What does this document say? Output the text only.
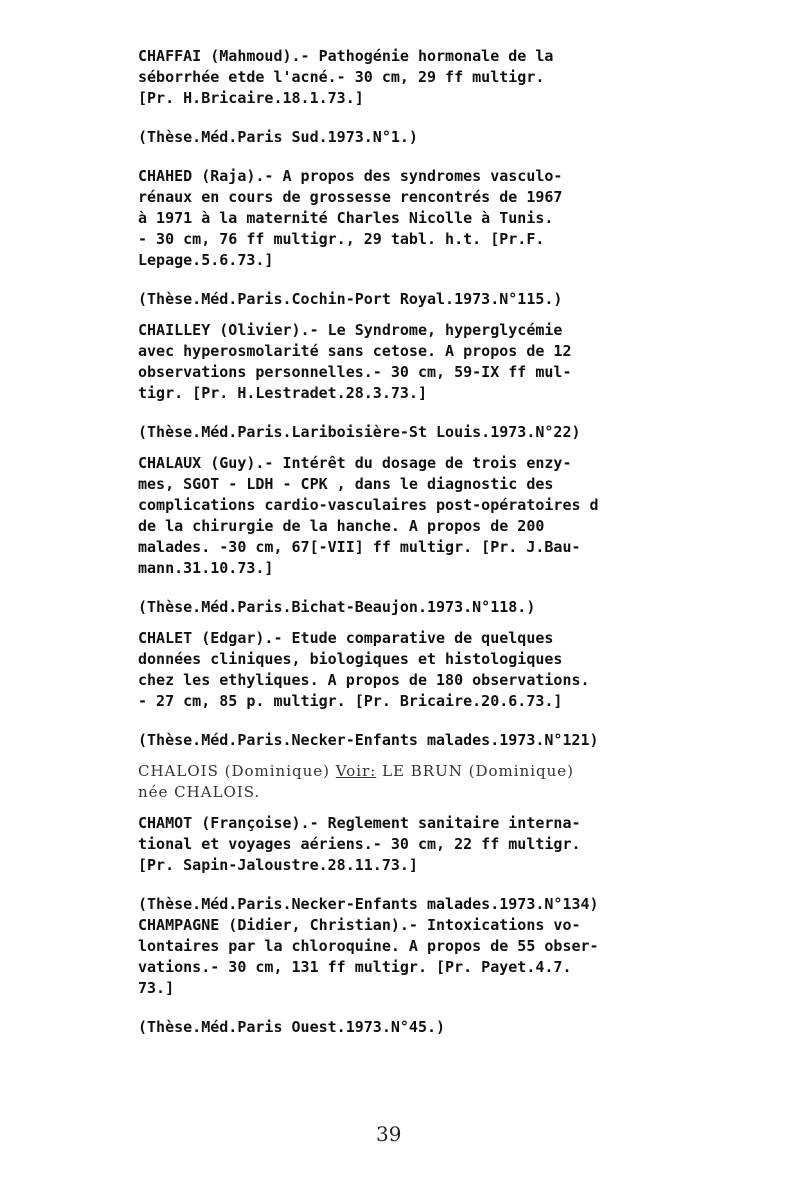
CHAFFAI (Mahmoud).- Pathogénie hormonale de la
séborrhée etde l'acné.- 30 cm, 29 ff multigr.
[Pr. H.Bricaire.18.1.73.]
(Thèse.Méd.Paris Sud.1973.N°1.)
CHAHED (Raja).- A propos des syndromes vasculo-
rénaux en cours de grossesse rencontrés de 1967
à 1971 à la maternité Charles Nicolle à Tunis.
- 30 cm, 76 ff multigr., 29 tabl. h.t. [Pr.F.
Lepage.5.6.73.]
(Thèse.Méd.Paris.Cochin-Port Royal.1973.N°115.)
CHAILLEY (Olivier).- Le Syndrome, hyperglycémie
avec hyperosmolarité sans cetose. A propos de 12
observations personnelles.- 30 cm, 59-IX ff mul-
tigr. [Pr. H.Lestradet.28.3.73.]
(Thèse.Méd.Paris.Lariboisière-St Louis.1973.N°22)
CHALAUX (Guy).- Intérêt du dosage de trois enzy-
mes, SGOT - LDH - CPK , dans le diagnostic des
complications cardio-vasculaires post-opératoires d
de la chirurgie de la hanche. A propos de 200
malades. -30 cm, 67[-VII] ff multigr. [Pr. J.Bau-
mann.31.10.73.]
(Thèse.Méd.Paris.Bichat-Beaujon.1973.N°118.)
CHALET (Edgar).- Etude comparative de quelques
données cliniques, biologiques et histologiques
chez les ethyliques. A propos de 180 observations.
- 27 cm, 85 p. multigr. [Pr. Bricaire.20.6.73.]
(Thèse.Méd.Paris.Necker-Enfants malades.1973.N°121)
CHALOIS (Dominique) Voir: LE BRUN (Dominique)
née CHALOIS.
CHAMOT (Françoise).- Reglement sanitaire interna-
tional et voyages aériens.- 30 cm, 22 ff multigr.
[Pr. Sapin-Jaloustre.28.11.73.]
(Thèse.Méd.Paris.Necker-Enfants malades.1973.N°134)
CHAMPAGNE (Didier, Christian).- Intoxications vo-
lontaires par la chloroquine. A propos de 55 obser-
vations.- 30 cm, 131 ff multigr. [Pr. Payet.4.7.
73.]
(Thèse.Méd.Paris Ouest.1973.N°45.)
39
